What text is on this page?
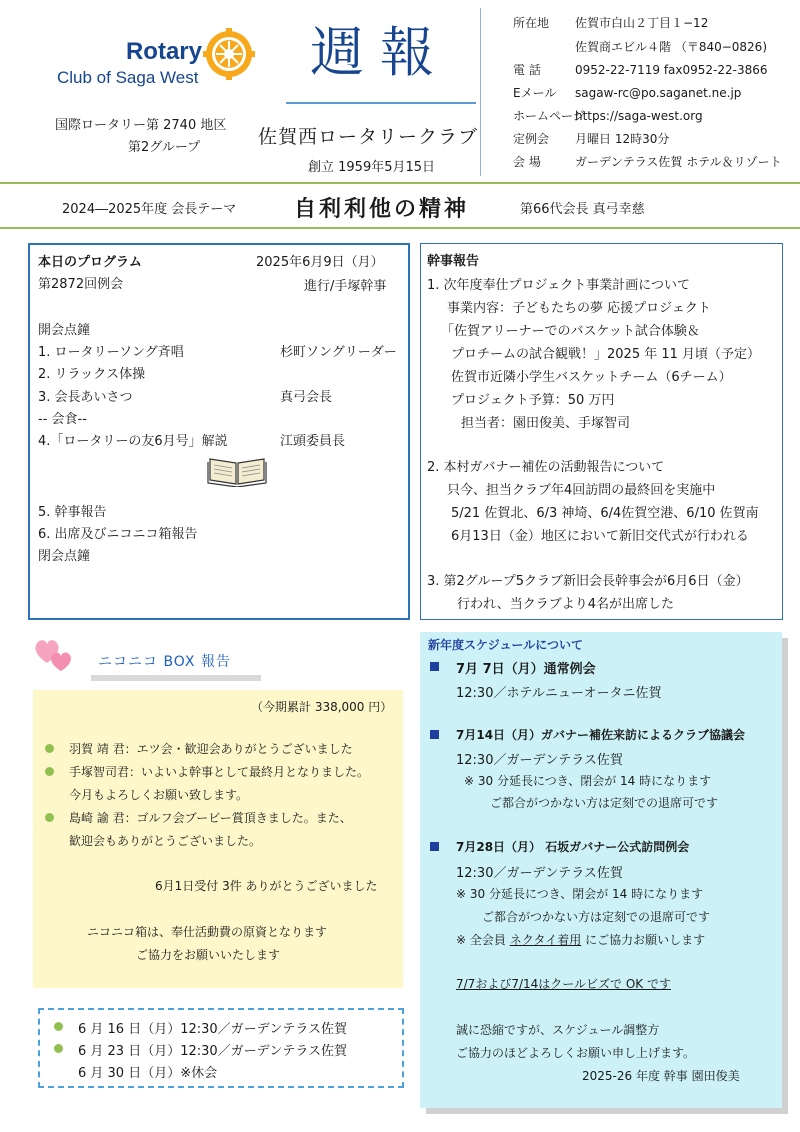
Rotary
Club of Saga West
国際ロータリー第 2740 地区
第2グループ
週報
佐賀西ロータリークラブ
創立 1959年5月15日
所在地 佐賀市白山２丁目１−12
佐賀商エビル４階 （〒840−0826)
電 話	0952-22-7119 fax0952-22-3866
Eメール sagaw-rc@po.saganet.ne.jp
ホームページhttps://saga-west.org
定例会 月曜日 12時30分
会 場	ガーデンテラス佐賀 ホテル＆リゾート
2024―2025年度 会長テーマ	自利利他の精神	第66代会長 真弓幸慈
本日のプログラム	2025年6月9日（月）
第2872回例会	進行/手塚幹事
開会点鐘
1. ロータリーソング斉唱	杉町ソングリーダー
2. リラックス体操
3. 会長あいさつ	真弓会長
-- 会食--
4.「ロータリーの友6月号」解説	江頭委員長
5. 幹事報告
6. 出席及びニコニコ箱報告
閉会点鐘
幹事報告
1. 次年度奉仕プロジェクト事業計画について
事業内容：子どもたちの夢 応援プロジェクト
「佐賀アリーナーでのバスケット試合体験＆
プロチームの試合観戦！」2025 年 11 月頃（予定）
佐賀市近隣小学生バスケットチーム（6チーム）
プロジェクト予算：50 万円
担当者：園田俊美、手塚智司
2. 本村ガバナー補佐の活動報告について
只今、担当クラブ年4回訪問の最終回を実施中
5/21 佐賀北、6/3 神埼、6/4佐賀空港、6/10 佐賀南
6月13日（金）地区において新旧交代式が行われる
3. 第2グループ5クラブ新旧会長幹事会が6月6日（金）
行われ、当クラブより4名が出席した
ニコニコ BOX 報告
（今期累計 338,000 円）
羽賀 靖 君：エツ会・歓迎会ありがとうございました
手塚智司君：いよいよ幹事として最終月となりました。
今月もよろしくお願い致します。
島崎 諭 君：ゴルフ会ブービー賞頂きました。また、
歓迎会もありがとうございました。
6月1日受付 3件 ありがとうございました
ニコニコ箱は、奉仕活動費の原資となります
ご協力をお願いいたします
6 月 16 日（月）12:30／ガーデンテラス佐賀
6 月 23 日（月）12:30／ガーデンテラス佐賀
6 月 30 日（月）※休会
新年度スケジュールについて
7月 7日（月）通常例会
12:30／ホテルニューオータニ佐賀
7月14日（月）ガバナー補佐来訪によるクラブ協議会
12:30／ガーデンテラス佐賀
※ 30 分延長につき、閉会が 14 時になります
ご都合がつかない方は定刻での退席可です
7月28日（月） 石坂ガバナー公式訪問例会
12:30／ガーデンテラス佐賀
※ 30 分延長につき、閉会が 14 時になります
ご都合がつかない方は定刻での退席可です
※ 全会員 ネクタイ着用 にご協力お願いします
7/7および7/14はクールビズで OK です
誠に恐縮ですが、スケジュール調整方
ご協力のほどよろしくお願い申し上げます。
2025-26 年度 幹事 園田俊美
